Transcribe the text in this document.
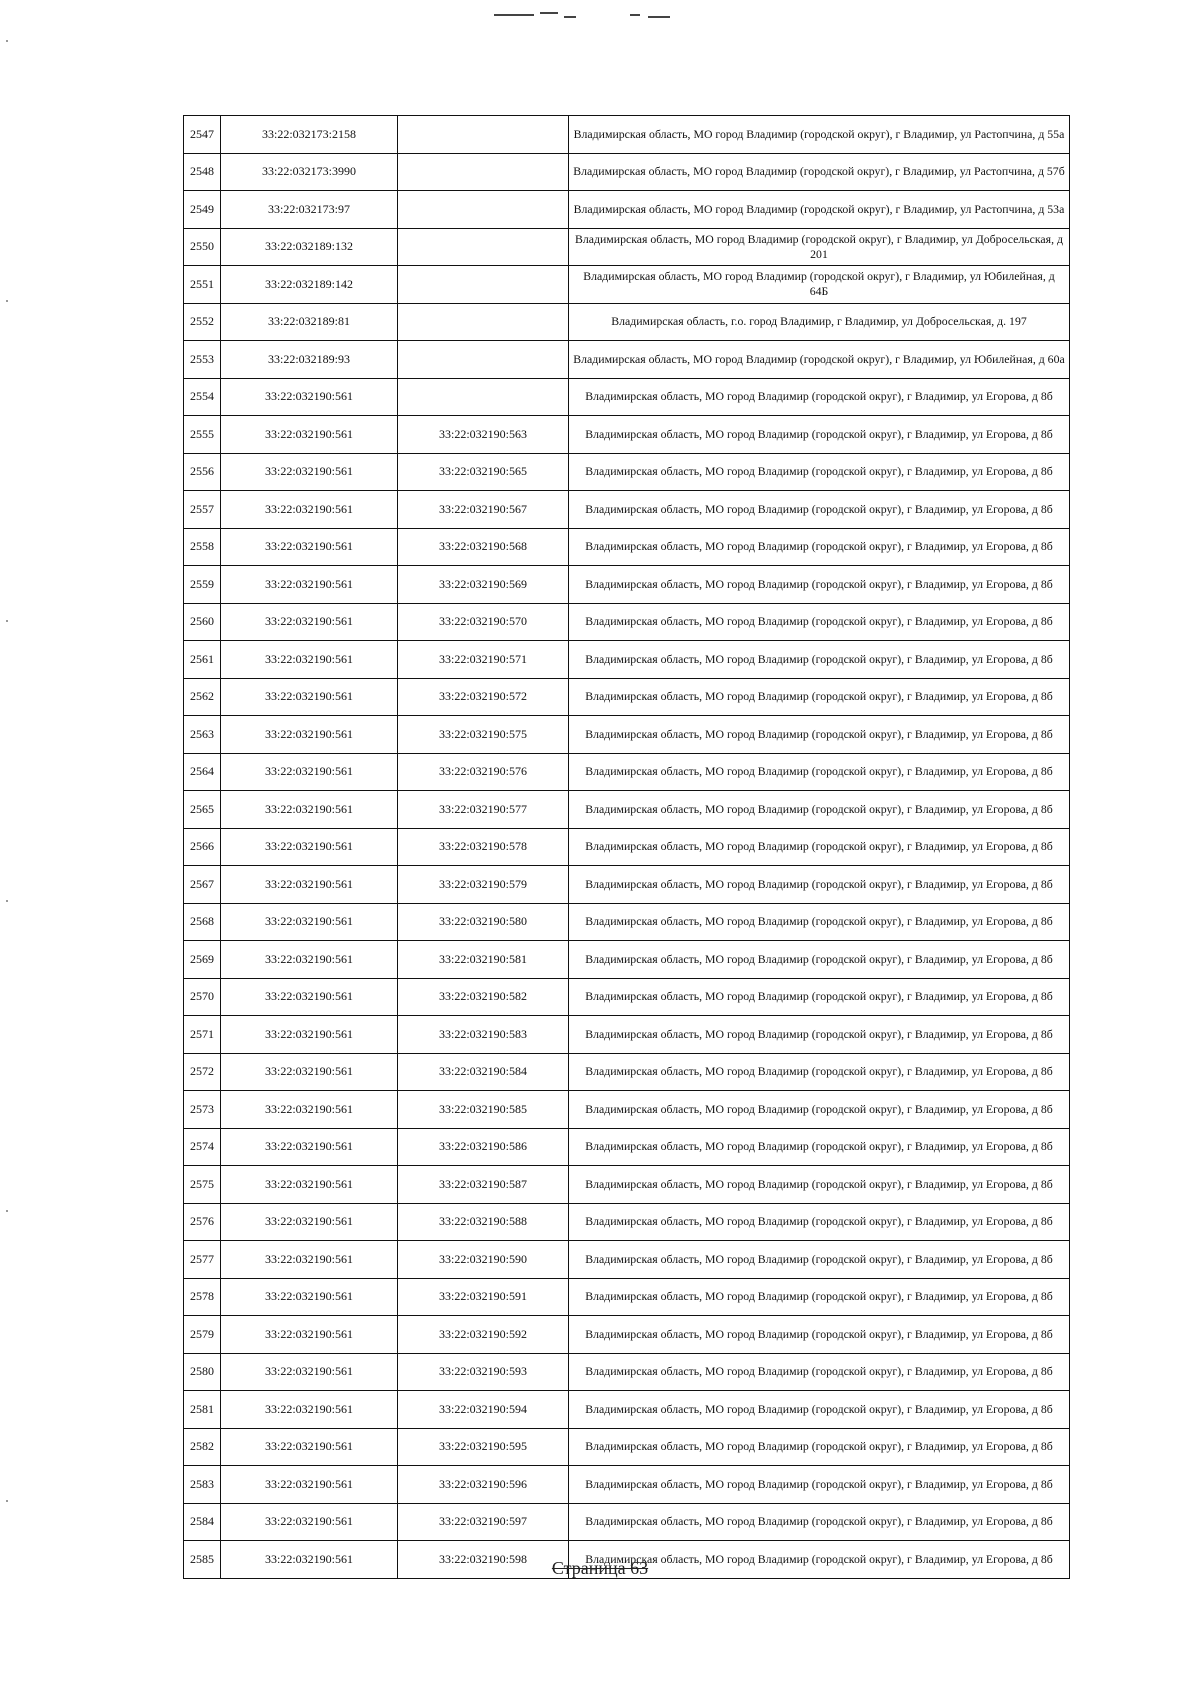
2547	33:22:032173:2158		Владимирская область, МО город Владимир (городской округ), г Владимир, ул Растопчина, д 55а
2548	33:22:032173:3990		Владимирская область, МО город Владимир (городской округ), г Владимир, ул Растопчина, д 57б
2549	33:22:032173:97		Владимирская область, МО город Владимир (городской округ), г Владимир, ул Растопчина, д 53а
2550	33:22:032189:132		Владимирская область, МО город Владимир (городской округ), г Владимир, ул Добросельская, д 201
2551	33:22:032189:142		Владимирская область, МО город Владимир (городской округ), г Владимир, ул Юбилейная, д 64Б
2552	33:22:032189:81		Владимирская область, г.о. город Владимир, г Владимир, ул Добросельская, д. 197
2553	33:22:032189:93		Владимирская область, МО город Владимир (городской округ), г Владимир, ул Юбилейная, д 60а
2554	33:22:032190:561		Владимирская область, МО город Владимир (городской округ), г Владимир, ул Егорова, д 8б
2555	33:22:032190:561	33:22:032190:563	Владимирская область, МО город Владимир (городской округ), г Владимир, ул Егорова, д 8б
2556	33:22:032190:561	33:22:032190:565	Владимирская область, МО город Владимир (городской округ), г Владимир, ул Егорова, д 8б
2557	33:22:032190:561	33:22:032190:567	Владимирская область, МО город Владимир (городской округ), г Владимир, ул Егорова, д 8б
2558	33:22:032190:561	33:22:032190:568	Владимирская область, МО город Владимир (городской округ), г Владимир, ул Егорова, д 8б
2559	33:22:032190:561	33:22:032190:569	Владимирская область, МО город Владимир (городской округ), г Владимир, ул Егорова, д 8б
2560	33:22:032190:561	33:22:032190:570	Владимирская область, МО город Владимир (городской округ), г Владимир, ул Егорова, д 8б
2561	33:22:032190:561	33:22:032190:571	Владимирская область, МО город Владимир (городской округ), г Владимир, ул Егорова, д 8б
2562	33:22:032190:561	33:22:032190:572	Владимирская область, МО город Владимир (городской округ), г Владимир, ул Егорова, д 8б
2563	33:22:032190:561	33:22:032190:575	Владимирская область, МО город Владимир (городской округ), г Владимир, ул Егорова, д 8б
2564	33:22:032190:561	33:22:032190:576	Владимирская область, МО город Владимир (городской округ), г Владимир, ул Егорова, д 8б
2565	33:22:032190:561	33:22:032190:577	Владимирская область, МО город Владимир (городской округ), г Владимир, ул Егорова, д 8б
2566	33:22:032190:561	33:22:032190:578	Владимирская область, МО город Владимир (городской округ), г Владимир, ул Егорова, д 8б
2567	33:22:032190:561	33:22:032190:579	Владимирская область, МО город Владимир (городской округ), г Владимир, ул Егорова, д 8б
2568	33:22:032190:561	33:22:032190:580	Владимирская область, МО город Владимир (городской округ), г Владимир, ул Егорова, д 8б
2569	33:22:032190:561	33:22:032190:581	Владимирская область, МО город Владимир (городской округ), г Владимир, ул Егорова, д 8б
2570	33:22:032190:561	33:22:032190:582	Владимирская область, МО город Владимир (городской округ), г Владимир, ул Егорова, д 8б
2571	33:22:032190:561	33:22:032190:583	Владимирская область, МО город Владимир (городской округ), г Владимир, ул Егорова, д 8б
2572	33:22:032190:561	33:22:032190:584	Владимирская область, МО город Владимир (городской округ), г Владимир, ул Егорова, д 8б
2573	33:22:032190:561	33:22:032190:585	Владимирская область, МО город Владимир (городской округ), г Владимир, ул Егорова, д 8б
2574	33:22:032190:561	33:22:032190:586	Владимирская область, МО город Владимир (городской округ), г Владимир, ул Егорова, д 8б
2575	33:22:032190:561	33:22:032190:587	Владимирская область, МО город Владимир (городской округ), г Владимир, ул Егорова, д 8б
2576	33:22:032190:561	33:22:032190:588	Владимирская область, МО город Владимир (городской округ), г Владимир, ул Егорова, д 8б
2577	33:22:032190:561	33:22:032190:590	Владимирская область, МО город Владимир (городской округ), г Владимир, ул Егорова, д 8б
2578	33:22:032190:561	33:22:032190:591	Владимирская область, МО город Владимир (городской округ), г Владимир, ул Егорова, д 8б
2579	33:22:032190:561	33:22:032190:592	Владимирская область, МО город Владимир (городской округ), г Владимир, ул Егорова, д 8б
2580	33:22:032190:561	33:22:032190:593	Владимирская область, МО город Владимир (городской округ), г Владимир, ул Егорова, д 8б
2581	33:22:032190:561	33:22:032190:594	Владимирская область, МО город Владимир (городской округ), г Владимир, ул Егорова, д 8б
2582	33:22:032190:561	33:22:032190:595	Владимирская область, МО город Владимир (городской округ), г Владимир, ул Егорова, д 8б
2583	33:22:032190:561	33:22:032190:596	Владимирская область, МО город Владимир (городской округ), г Владимир, ул Егорова, д 8б
2584	33:22:032190:561	33:22:032190:597	Владимирская область, МО город Владимир (городской округ), г Владимир, ул Егорова, д 8б
2585	33:22:032190:561	33:22:032190:598	Владимирская область, МО город Владимир (городской округ), г Владимир, ул Егорова, д 8б
Страница 63
